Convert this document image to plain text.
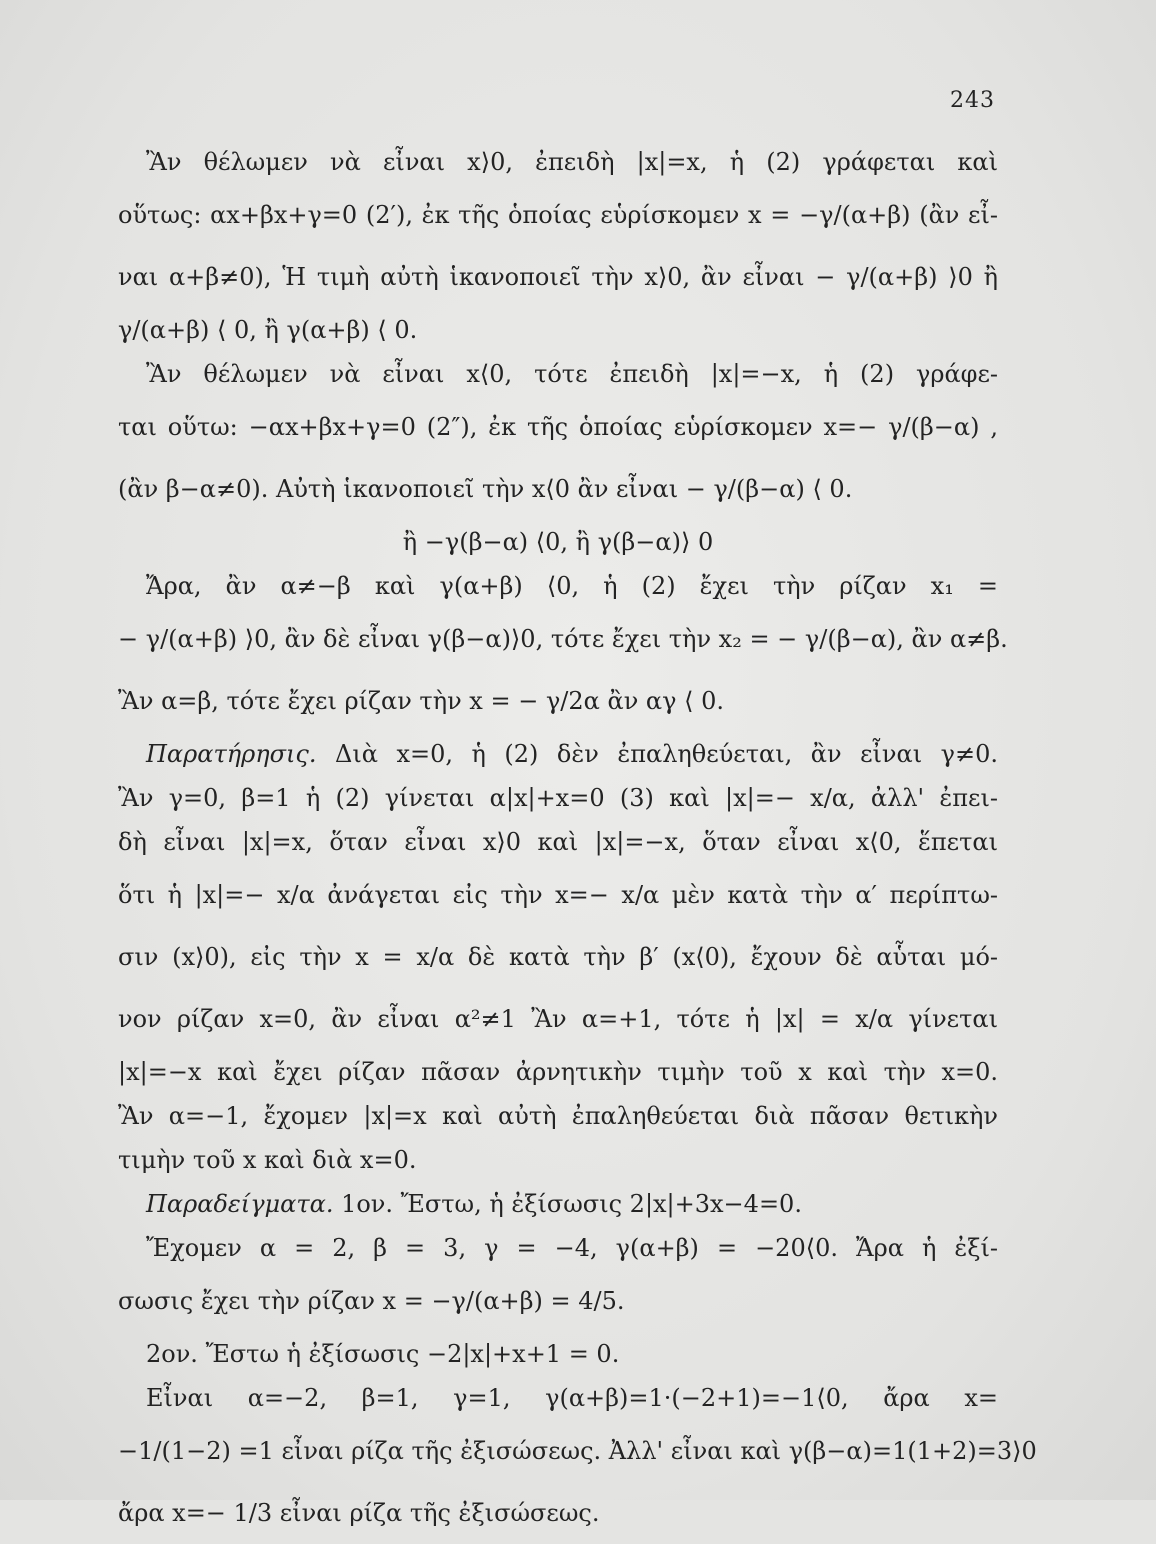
243
Ἂν θέλωμεν νὰ εἶναι x⟩0, ἐπειδὴ |x|=x, ἡ (2) γράφεται καὶ
οὕτως: αx+βx+γ=0 (2′), ἐκ τῆς ὁποίας εὑρίσκομεν x = −γ/(α+β) (ἂν εἶ-
ναι α+β≠0), Ἡ τιμὴ αὐτὴ ἱκανοποιεῖ τὴν x⟩0, ἂν εἶναι − γ/(α+β) ⟩0 ἢ
γ/(α+β) ⟨ 0, ἢ γ(α+β) ⟨ 0.
Ἂν θέλωμεν νὰ εἶναι x⟨0, τότε ἐπειδὴ |x|=−x, ἡ (2) γράφε-
ται οὕτω: −αx+βx+γ=0 (2″), ἐκ τῆς ὁποίας εὑρίσκομεν x=− γ/(β−α) ,
(ἂν β−α≠0). Αὐτὴ ἱκανοποιεῖ τὴν x⟨0 ἂν εἶναι − γ/(β−α) ⟨ 0.
ἢ −γ(β−α) ⟨0, ἢ γ(β−α)⟩ 0
Ἄρα, ἂν α≠−β καὶ γ(α+β) ⟨0, ἡ (2) ἔχει τὴν ρίζαν x₁ =
− γ/(α+β) ⟩0, ἂν δὲ εἶναι γ(β−α)⟩0, τότε ἔχει τὴν x₂ = − γ/(β−α), ἂν α≠β.
Ἂν α=β, τότε ἔχει ρίζαν τὴν x = − γ/2α ἂν αγ ⟨ 0.
Παρατήρησις. Διὰ x=0, ἡ (2) δὲν ἐπαληθεύεται, ἂν εἶναι γ≠0.
Ἂν γ=0, β=1 ἡ (2) γίνεται α|x|+x=0 (3) καὶ |x|=− x/α, ἀλλ' ἐπει-
δὴ εἶναι |x|=x, ὅταν εἶναι x⟩0 καὶ |x|=−x, ὅταν εἶναι x⟨0, ἕπεται
ὅτι ἡ |x|=− x/α ἀνάγεται εἰς τὴν x=− x/α μὲν κατὰ τὴν α′ περίπτω-
σιν (x⟩0), εἰς τὴν x = x/α δὲ κατὰ τὴν β′ (x⟨0), ἔχουν δὲ αὗται μό-
νον ρίζαν x=0, ἂν εἶναι α²≠1 Ἂν α=+1, τότε ἡ |x| = x/α γίνεται
|x|=−x καὶ ἔχει ρίζαν πᾶσαν ἀρνητικὴν τιμὴν τοῦ x καὶ τὴν x=0.
Ἂν α=−1, ἔχομεν |x|=x καὶ αὐτὴ ἐπαληθεύεται διὰ πᾶσαν θετικὴν
τιμὴν τοῦ x καὶ διὰ x=0.
Παραδείγματα. 1ον. Ἔστω, ἡ ἐξίσωσις 2|x|+3x−4=0.
Ἔχομεν α = 2, β = 3, γ = −4, γ(α+β) = −20⟨0. Ἄρα ἡ ἐξί-
σωσις ἔχει τὴν ρίζαν x = −γ/(α+β) = 4/5.
2ον. Ἔστω ἡ ἐξίσωσις −2|x|+x+1 = 0.
Εἶναι α=−2, β=1, γ=1, γ(α+β)=1·(−2+1)=−1⟨0, ἄρα x=
−1/(1−2) =1 εἶναι ρίζα τῆς ἐξισώσεως. Ἀλλ' εἶναι καὶ γ(β−α)=1(1+2)=3⟩0
ἄρα x=− 1/3 εἶναι ρίζα τῆς ἐξισώσεως.
